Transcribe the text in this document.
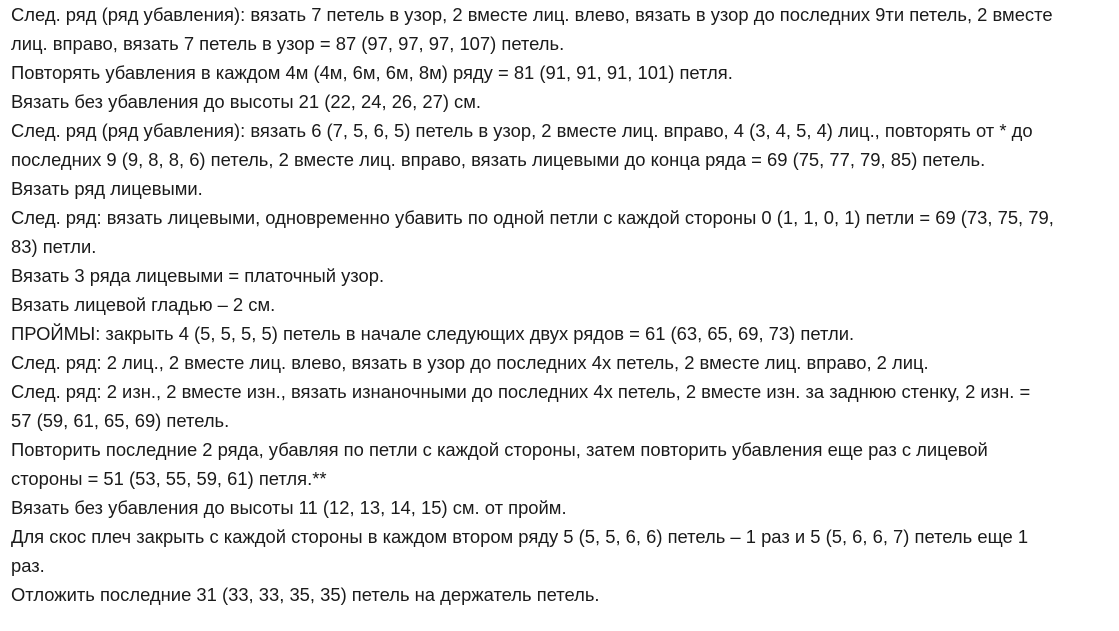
След. ряд (ряд убавления): вязать 7 петель в узор, 2 вместе лиц. влево, вязать в узор до последних 9ти петель, 2 вместе
лиц. вправо, вязать 7 петель в узор = 87 (97, 97, 97, 107) петель.

Повторять убавления в каждом 4м (4м, 6м, 6м, 8м) ряду = 81 (91, 91, 91, 101) петля.

Вязать без убавления до высоты 21 (22, 24, 26, 27) см.

След. ряд (ряд убавления): вязать 6 (7, 5, 6, 5) петель в узор, 2 вместе лиц. вправо, 4 (3, 4, 5, 4) лиц., повторять от * до
последних 9 (9, 8, 8, 6) петель, 2 вместе лиц. вправо, вязать лицевыми до конца ряда = 69 (75, 77, 79, 85) петель.

Вязать ряд лицевыми.

След. ряд: вязать лицевыми, одновременно убавить по одной петли с каждой стороны 0 (1, 1, 0, 1) петли = 69 (73, 75, 79,
83) петли.

Вязать 3 ряда лицевыми = платочный узор.

Вязать лицевой гладью – 2 см.

ПРОЙМЫ: закрыть 4 (5, 5, 5, 5) петель в начале следующих двух рядов = 61 (63, 65, 69, 73) петли.

След. ряд: 2 лиц., 2 вместе лиц. влево, вязать в узор до последних 4х петель, 2 вместе лиц. вправо, 2 лиц.

След. ряд: 2 изн., 2 вместе изн., вязать изнаночными до последних 4х петель, 2 вместе изн. за заднюю стенку, 2 изн. =
57 (59, 61, 65, 69) петель.

Повторить последние 2 ряда, убавляя по петли с каждой стороны, затем повторить убавления еще раз с лицевой
стороны = 51 (53, 55, 59, 61) петля.**

Вязать без убавления до высоты 11 (12, 13, 14, 15) см. от пройм.

Для скос плеч закрыть с каждой стороны в каждом втором ряду 5 (5, 5, 6, 6) петель – 1 раз и 5 (5, 6, 6, 7) петель еще 1
раз.

Отложить последние 31 (33, 33, 35, 35) петель на держатель петель.
